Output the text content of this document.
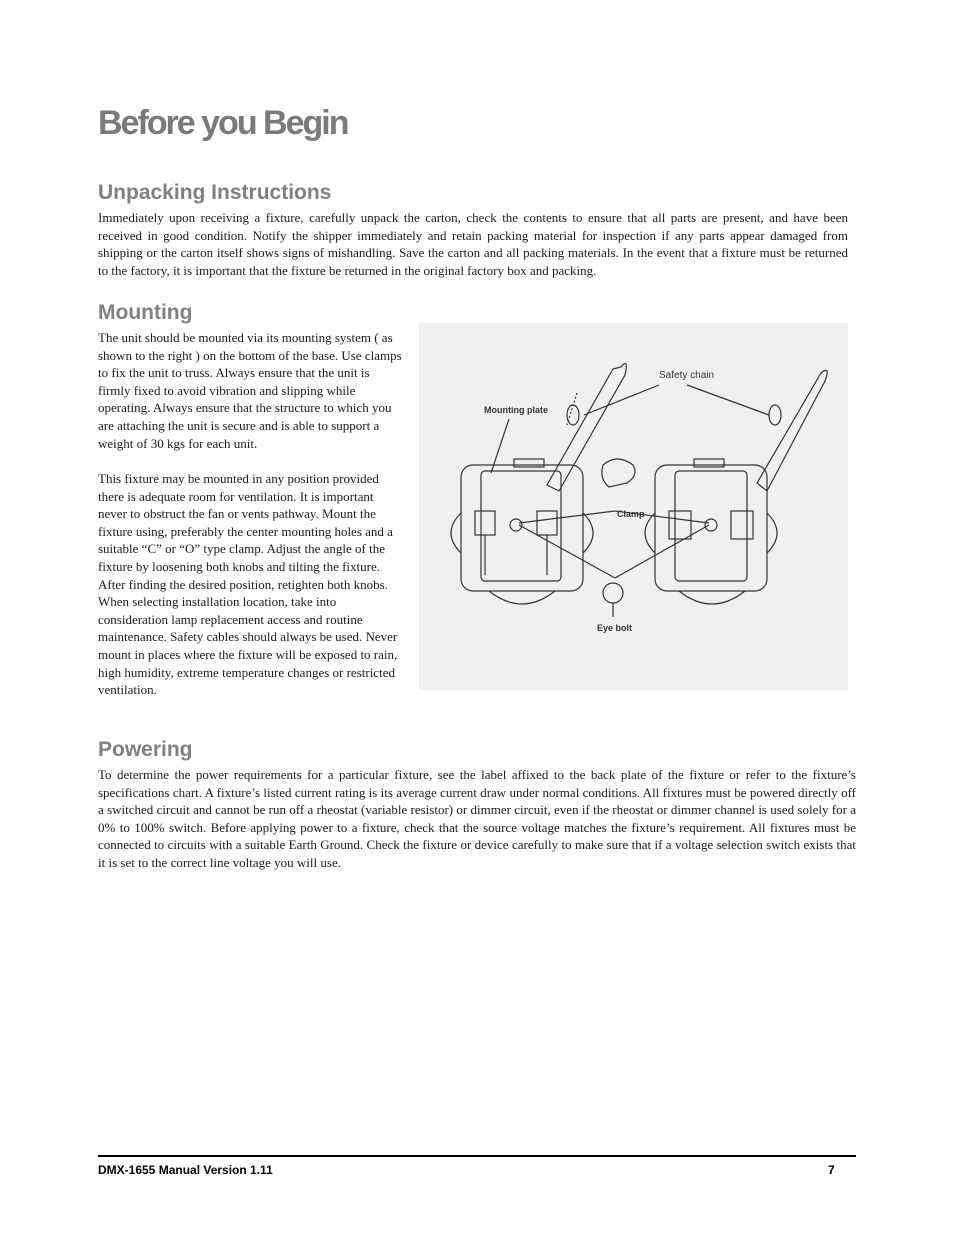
Before you Begin
Unpacking Instructions

Immediately upon receiving a fixture, carefully unpack the carton, check the contents to ensure that all parts are present, and have been received in good condition. Notify the shipper immediately and retain packing material for inspection if any parts appear damaged from shipping or the carton itself shows signs of mishandling. Save the carton and all packing materials. In the event that a fixture must be returned to the factory, it is important that the fixture be returned in the original factory box and packing.

Mounting

The unit should be mounted via its mounting system ( as shown to the right ) on the bottom of the base. Use clamps to fix the unit to truss. Always ensure that the unit is firmly fixed to avoid vibration and slipping while operating. Always ensure that the structure to which you are attaching the unit is secure and is able to support a weight of 30 kgs for each unit.

This fixture may be mounted in any position provided there is adequate room for ventilation. It is important never to obstruct the fan or vents pathway. Mount the fixture using, preferably the center mounting holes and a suitable “C” or “O” type clamp. Adjust the angle of the fixture by loosening both knobs and tilting the fixture. After finding the desired position, retighten both knobs. When selecting installation location, take into consideration lamp replacement access and routine maintenance. Safety cables should always be used. Never mount in places where the fixture will be exposed to rain, high humidity, extreme temperature changes or restricted ventilation.

Safety chain
Mounting plate
Clamp
Eye bolt
Powering

To determine the power requirements for a particular fixture, see the label affixed to the back plate of the fixture or refer to the fixture’s specifications chart. A fixture’s listed current rating is its average current draw under normal conditions. All fixtures must be powered directly off a switched circuit and cannot be run off a rheostat (variable resistor) or dimmer circuit, even if the rheostat or dimmer channel is used solely for a 0% to 100% switch. Before applying power to a fixture, check that the source voltage matches the fixture’s requirement. All fixtures must be connected to circuits with a suitable Earth Ground. Check the fixture or device carefully to make sure that if a voltage selection switch exists that it is set to the correct line voltage you will use.

DMX-1655 Manual Version 1.11	7
